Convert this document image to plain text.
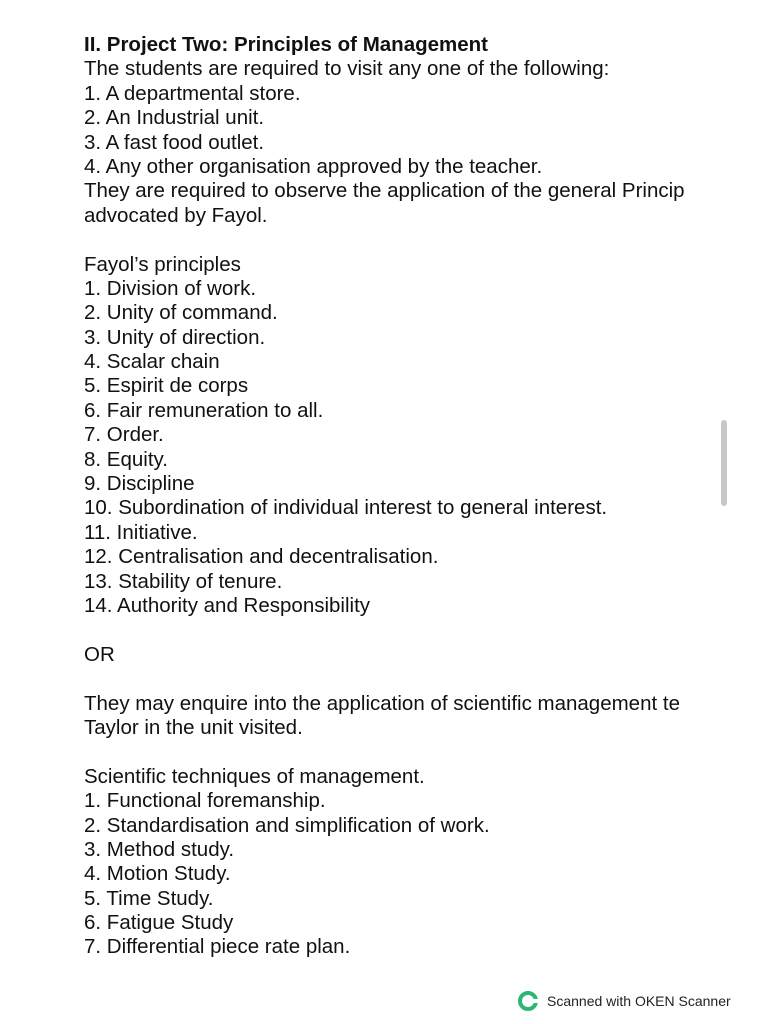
II. Project Two: Principles of Management
The students are required to visit any one of the following:
1. A departmental store.
2. An Industrial unit.
3. A fast food outlet.
4. Any other organisation approved by the teacher.
They are required to observe the application of the general Princip
advocated by Fayol.
Fayol’s principles
1. Division of work.
2. Unity of command.
3. Unity of direction.
4. Scalar chain
5. Espirit de corps
6. Fair remuneration to all.
7. Order.
8. Equity.
9. Discipline
10. Subordination of individual interest to general interest.
11. Initiative.
12. Centralisation and decentralisation.
13. Stability of tenure.
14. Authority and Responsibility
OR
They may enquire into the application of scientific management te
Taylor in the unit visited.
Scientific techniques of management.
1. Functional foremanship.
2. Standardisation and simplification of work.
3. Method study.
4. Motion Study.
5. Time Study.
6. Fatigue Study
7. Differential piece rate plan.
Scanned with OKEN Scanner
